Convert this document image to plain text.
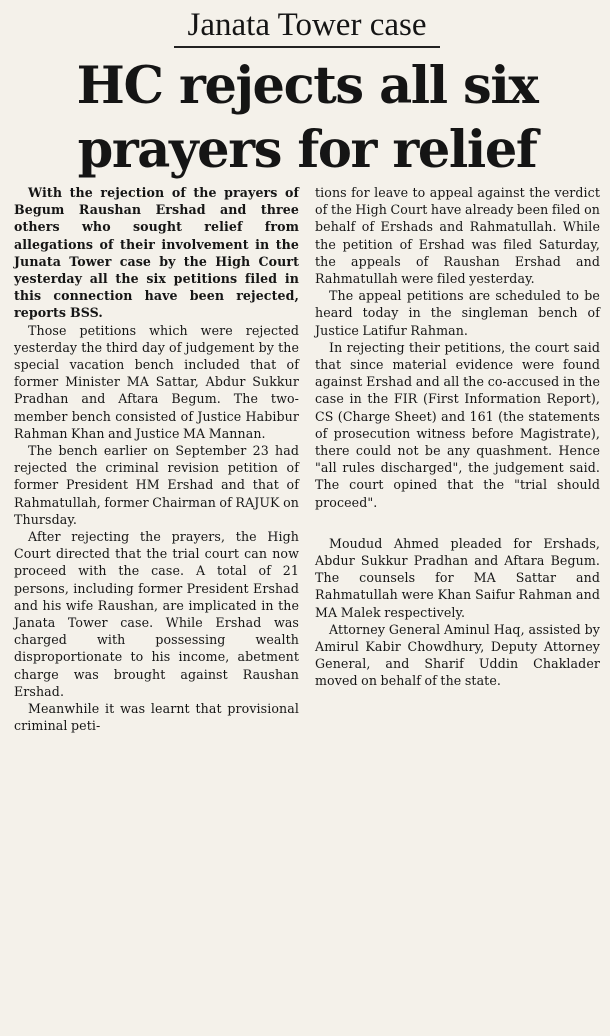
Janata Tower case
HC rejects all six
prayers for relief

With the rejection of the prayers of Begum Raushan Ershad and three others who sought relief from allegations of their involvement in the Junata Tower case by the High Court yesterday all the six petitions filed in this connection have been rejected, reports BSS.

Those petitions which were rejected yesterday the third day of judgement by the special vacation bench included that of former Minister MA Sattar, Abdur Sukkur Pradhan and Aftara Begum. The two-member bench consisted of Justice Habibur Rahman Khan and Justice MA Mannan.

The bench earlier on September 23 had rejected the criminal revision petition of former President HM Ershad and that of Rahmatullah, former Chairman of RAJUK on Thursday.

After rejecting the prayers, the High Court directed that the trial court can now proceed with the case. A total of 21 persons, including former President Ershad and his wife Raushan, are implicated in the Janata Tower case. While Ershad was charged with possessing wealth disproportionate to his income, abetment charge was brought against Raushan Ershad.

Meanwhile it was learnt that provisional criminal peti-

tions for leave to appeal against the verdict of the High Court have already been filed on behalf of Ershads and Rahmatullah. While the petition of Ershad was filed Saturday, the appeals of Raushan Ershad and Rahmatullah were filed yesterday.

The appeal petitions are scheduled to be heard today in the singleman bench of Justice Latifur Rahman.

In rejecting their petitions, the court said that since material evidence were found against Ershad and all the co-accused in the case in the FIR (First Information Report), CS (Charge Sheet) and 161 (the statements of prosecution witness before Magistrate), there could not be any quashment. Hence "all rules discharged", the judgement said. The court opined that the "trial should proceed".

Moudud Ahmed pleaded for Ershads, Abdur Sukkur Pradhan and Aftara Begum. The counsels for MA Sattar and Rahmatullah were Khan Saifur Rahman and MA Malek respectively.

Attorney General Aminul Haq, assisted by Amirul Kabir Chowdhury, Deputy Attorney General, and Sharif Uddin Chaklader moved on behalf of the state.
